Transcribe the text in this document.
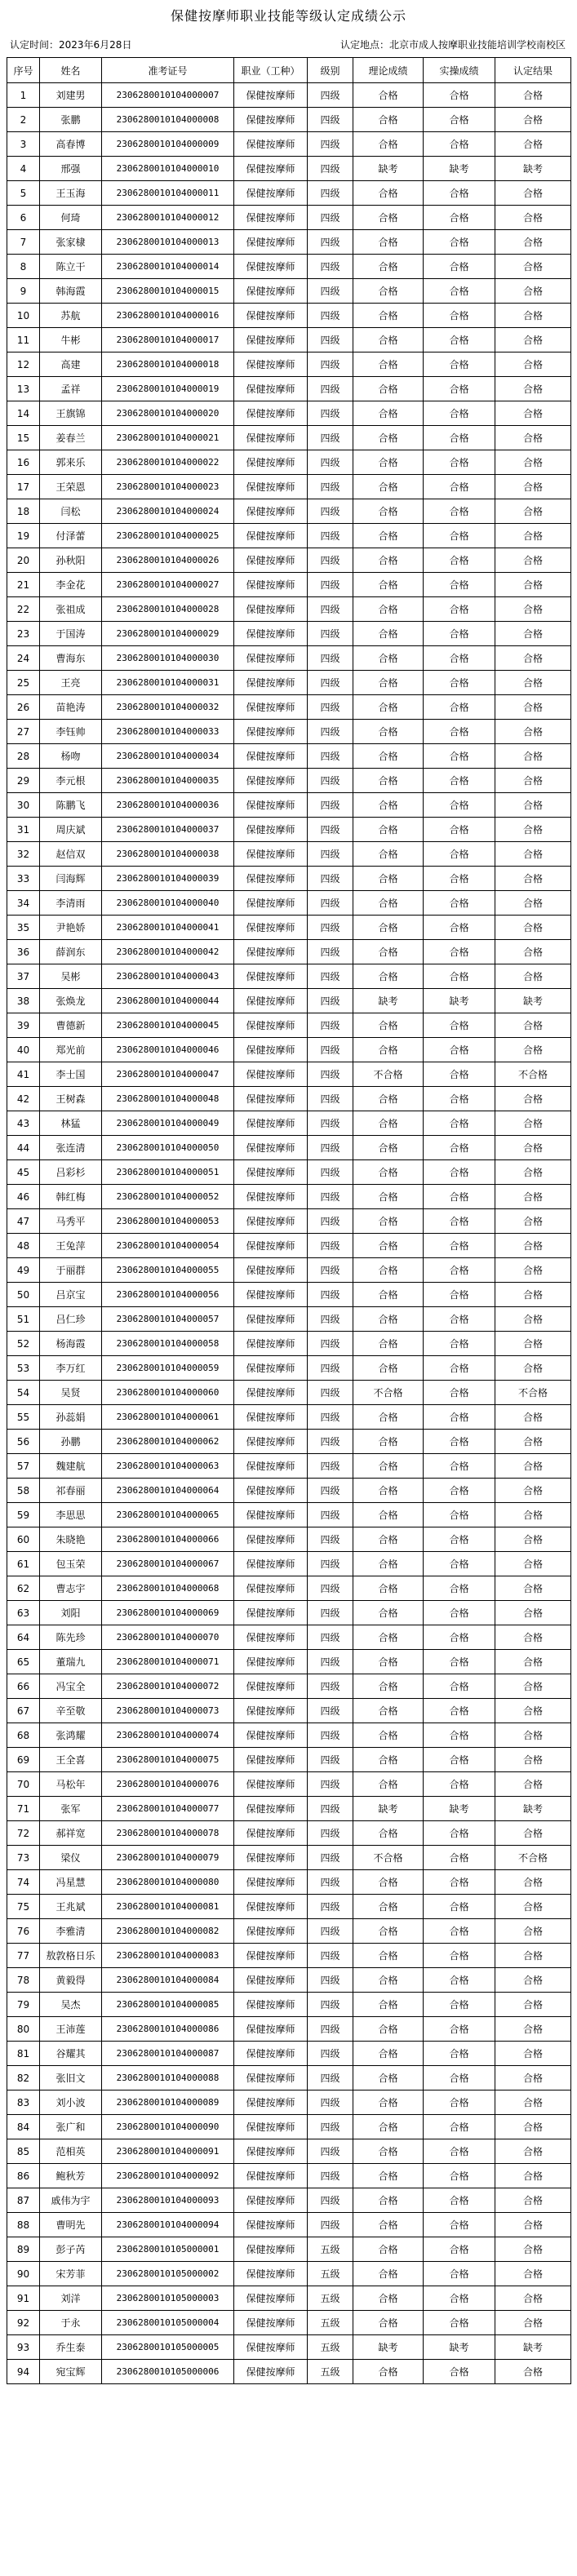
保健按摩师职业技能等级认定成绩公示
认定时间：2023年6月28日	认定地点：北京市成人按摩职业技能培训学校南校区
序号	姓名	准考证号	职业（工种）	级别	理论成绩	实操成绩	认定结果
1	刘建男	2306280010104000007	保健按摩师	四级	合格	合格	合格
2	张鹏	2306280010104000008	保健按摩师	四级	合格	合格	合格
3	高春博	2306280010104000009	保健按摩师	四级	合格	合格	合格
4	邢强	2306280010104000010	保健按摩师	四级	缺考	缺考	缺考
5	王玉海	2306280010104000011	保健按摩师	四级	合格	合格	合格
6	何琦	2306280010104000012	保健按摩师	四级	合格	合格	合格
7	张家棣	2306280010104000013	保健按摩师	四级	合格	合格	合格
8	陈立干	2306280010104000014	保健按摩师	四级	合格	合格	合格
9	韩海霞	2306280010104000015	保健按摩师	四级	合格	合格	合格
10	苏航	2306280010104000016	保健按摩师	四级	合格	合格	合格
11	牛彬	2306280010104000017	保健按摩师	四级	合格	合格	合格
12	高建	2306280010104000018	保健按摩师	四级	合格	合格	合格
13	孟祥	2306280010104000019	保健按摩师	四级	合格	合格	合格
14	王旗锦	2306280010104000020	保健按摩师	四级	合格	合格	合格
15	姜春兰	2306280010104000021	保健按摩师	四级	合格	合格	合格
16	郭来乐	2306280010104000022	保健按摩师	四级	合格	合格	合格
17	王荣恩	2306280010104000023	保健按摩师	四级	合格	合格	合格
18	闫松	2306280010104000024	保健按摩师	四级	合格	合格	合格
19	付泽蕾	2306280010104000025	保健按摩师	四级	合格	合格	合格
20	孙秋阳	2306280010104000026	保健按摩师	四级	合格	合格	合格
21	李金花	2306280010104000027	保健按摩师	四级	合格	合格	合格
22	张祖成	2306280010104000028	保健按摩师	四级	合格	合格	合格
23	于国涛	2306280010104000029	保健按摩师	四级	合格	合格	合格
24	曹海东	2306280010104000030	保健按摩师	四级	合格	合格	合格
25	王亮	2306280010104000031	保健按摩师	四级	合格	合格	合格
26	苗艳涛	2306280010104000032	保健按摩师	四级	合格	合格	合格
27	李钰帅	2306280010104000033	保健按摩师	四级	合格	合格	合格
28	杨吻	2306280010104000034	保健按摩师	四级	合格	合格	合格
29	李元根	2306280010104000035	保健按摩师	四级	合格	合格	合格
30	陈鹏飞	2306280010104000036	保健按摩师	四级	合格	合格	合格
31	周庆斌	2306280010104000037	保健按摩师	四级	合格	合格	合格
32	赵信双	2306280010104000038	保健按摩师	四级	合格	合格	合格
33	闫海辉	2306280010104000039	保健按摩师	四级	合格	合格	合格
34	李清雨	2306280010104000040	保健按摩师	四级	合格	合格	合格
35	尹艳娇	2306280010104000041	保健按摩师	四级	合格	合格	合格
36	薛润东	2306280010104000042	保健按摩师	四级	合格	合格	合格
37	吴彬	2306280010104000043	保健按摩师	四级	合格	合格	合格
38	张焕龙	2306280010104000044	保健按摩师	四级	缺考	缺考	缺考
39	曹德新	2306280010104000045	保健按摩师	四级	合格	合格	合格
40	郑光前	2306280010104000046	保健按摩师	四级	合格	合格	合格
41	李士国	2306280010104000047	保健按摩师	四级	不合格	合格	不合格
42	王树森	2306280010104000048	保健按摩师	四级	合格	合格	合格
43	林猛	2306280010104000049	保健按摩师	四级	合格	合格	合格
44	张连清	2306280010104000050	保健按摩师	四级	合格	合格	合格
45	吕彩杉	2306280010104000051	保健按摩师	四级	合格	合格	合格
46	韩红梅	2306280010104000052	保健按摩师	四级	合格	合格	合格
47	马秀平	2306280010104000053	保健按摩师	四级	合格	合格	合格
48	王兔萍	2306280010104000054	保健按摩师	四级	合格	合格	合格
49	于丽群	2306280010104000055	保健按摩师	四级	合格	合格	合格
50	吕京宝	2306280010104000056	保健按摩师	四级	合格	合格	合格
51	吕仁珍	2306280010104000057	保健按摩师	四级	合格	合格	合格
52	杨海霞	2306280010104000058	保健按摩师	四级	合格	合格	合格
53	李万红	2306280010104000059	保健按摩师	四级	合格	合格	合格
54	吴贤	2306280010104000060	保健按摩师	四级	不合格	合格	不合格
55	孙蕊娟	2306280010104000061	保健按摩师	四级	合格	合格	合格
56	孙鹏	2306280010104000062	保健按摩师	四级	合格	合格	合格
57	魏建航	2306280010104000063	保健按摩师	四级	合格	合格	合格
58	祁春丽	2306280010104000064	保健按摩师	四级	合格	合格	合格
59	李思思	2306280010104000065	保健按摩师	四级	合格	合格	合格
60	朱晓艳	2306280010104000066	保健按摩师	四级	合格	合格	合格
61	包玉荣	2306280010104000067	保健按摩师	四级	合格	合格	合格
62	曹志宇	2306280010104000068	保健按摩师	四级	合格	合格	合格
63	刘阳	2306280010104000069	保健按摩师	四级	合格	合格	合格
64	陈先珍	2306280010104000070	保健按摩师	四级	合格	合格	合格
65	董瑞九	2306280010104000071	保健按摩师	四级	合格	合格	合格
66	冯宝全	2306280010104000072	保健按摩师	四级	合格	合格	合格
67	辛至敬	2306280010104000073	保健按摩师	四级	合格	合格	合格
68	张鸿耀	2306280010104000074	保健按摩师	四级	合格	合格	合格
69	王全喜	2306280010104000075	保健按摩师	四级	合格	合格	合格
70	马松年	2306280010104000076	保健按摩师	四级	合格	合格	合格
71	张军	2306280010104000077	保健按摩师	四级	缺考	缺考	缺考
72	郝祥宽	2306280010104000078	保健按摩师	四级	合格	合格	合格
73	梁仪	2306280010104000079	保健按摩师	四级	不合格	合格	不合格
74	冯星慧	2306280010104000080	保健按摩师	四级	合格	合格	合格
75	王兆斌	2306280010104000081	保健按摩师	四级	合格	合格	合格
76	李雅清	2306280010104000082	保健按摩师	四级	合格	合格	合格
77	敖敦格日乐	2306280010104000083	保健按摩师	四级	合格	合格	合格
78	黄毅得	2306280010104000084	保健按摩师	四级	合格	合格	合格
79	吴杰	2306280010104000085	保健按摩师	四级	合格	合格	合格
80	王沛莲	2306280010104000086	保健按摩师	四级	合格	合格	合格
81	谷耀其	2306280010104000087	保健按摩师	四级	合格	合格	合格
82	张旧文	2306280010104000088	保健按摩师	四级	合格	合格	合格
83	刘小波	2306280010104000089	保健按摩师	四级	合格	合格	合格
84	张广和	2306280010104000090	保健按摩师	四级	合格	合格	合格
85	范相英	2306280010104000091	保健按摩师	四级	合格	合格	合格
86	鲍秋芳	2306280010104000092	保健按摩师	四级	合格	合格	合格
87	戚伟为宇	2306280010104000093	保健按摩师	四级	合格	合格	合格
88	曹明先	2306280010104000094	保健按摩师	四级	合格	合格	合格
89	彭子芮	2306280010105000001	保健按摩师	五级	合格	合格	合格
90	宋芳菲	2306280010105000002	保健按摩师	五级	合格	合格	合格
91	刘洋	2306280010105000003	保健按摩师	五级	合格	合格	合格
92	于永	2306280010105000004	保健按摩师	五级	合格	合格	合格
93	乔生泰	2306280010105000005	保健按摩师	五级	缺考	缺考	缺考
94	宛宝辉	2306280010105000006	保健按摩师	五级	合格	合格	合格
